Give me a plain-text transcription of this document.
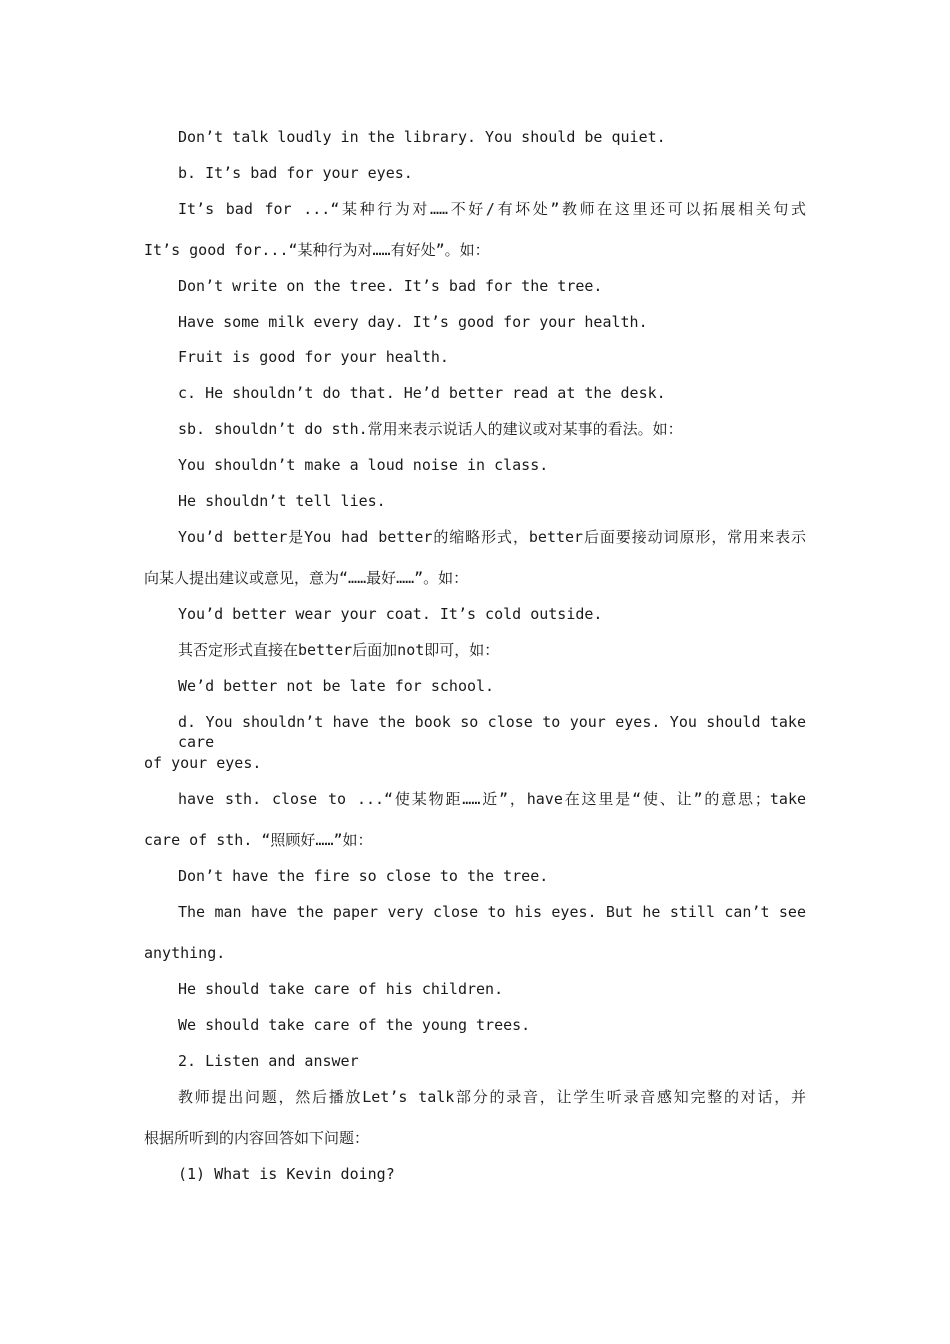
Don’t talk loudly in the library. You should be quiet.
b. It’s bad for your eyes.
It’s bad for ...“某种行为对……不好/有坏处”教师在这里还可以拓展相关句式
It’s good for...“某种行为对……有好处”。如：
Don’t write on the tree. It’s bad for the tree.
Have some milk every day. It’s good for your health.
Fruit is good for your health.
c. He shouldn’t do that. He’d better read at the desk.
sb. shouldn’t do sth.常用来表示说话人的建议或对某事的看法。如：
You shouldn’t make a loud noise in class.
He shouldn’t tell lies.
You’d better是You had better的缩略形式，better后面要接动词原形，常用来表示
向某人提出建议或意见，意为“……最好……”。如：
You’d better wear your coat. It’s cold outside.
其否定形式直接在better后面加not即可，如：
We’d better not be late for school.
d. You shouldn’t have the book so close to your eyes. You should take care
of your eyes.
have sth. close to ...“使某物距……近”，have在这里是“使、让”的意思；take
care of sth. “照顾好……”如：
Don’t have the fire so close to the tree.
The man have the paper very close to his eyes. But he still can’t see
anything.
He should take care of his children.
We should take care of the young trees.
2. Listen and answer
教师提出问题，然后播放Let’s talk部分的录音，让学生听录音感知完整的对话，并
根据所听到的内容回答如下问题：
(1) What is Kevin doing?
